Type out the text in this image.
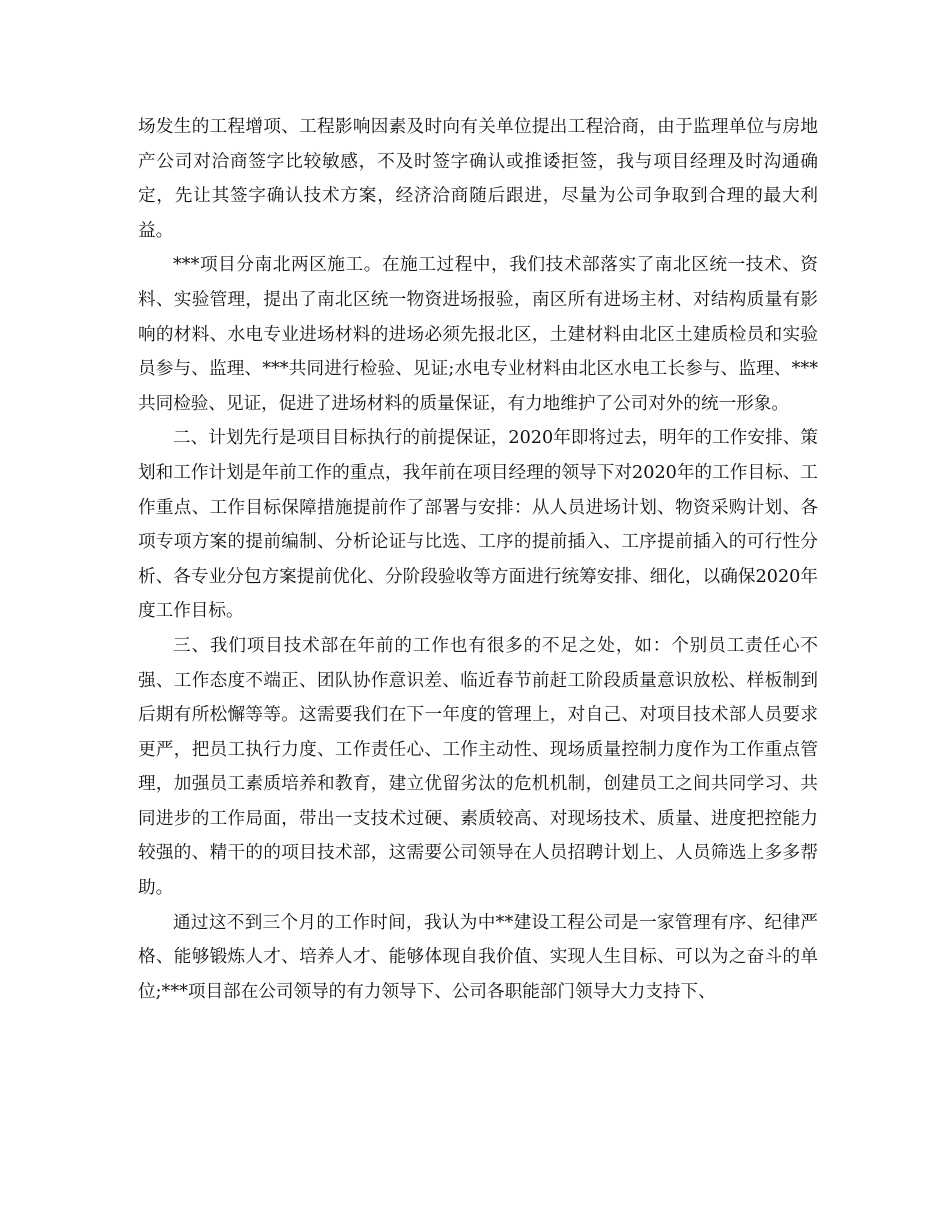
场发生的工程增项、工程影响因素及时向有关单位提出工程洽商，由于监理单位与房地产公司对洽商签字比较敏感，不及时签字确认或推诿拒签，我与项目经理及时沟通确定，先让其签字确认技术方案，经济洽商随后跟进，尽量为公司争取到合理的最大利益。

***项目分南北两区施工。在施工过程中，我们技术部落实了南北区统一技术、资料、实验管理，提出了南北区统一物资进场报验，南区所有进场主材、对结构质量有影响的材料、水电专业进场材料的进场必须先报北区，土建材料由北区土建质检员和实验员参与、监理、***共同进行检验、见证;水电专业材料由北区水电工长参与、监理、***共同检验、见证，促进了进场材料的质量保证，有力地维护了公司对外的统一形象。

二、计划先行是项目目标执行的前提保证，2020年即将过去，明年的工作安排、策划和工作计划是年前工作的重点，我年前在项目经理的领导下对2020年的工作目标、工作重点、工作目标保障措施提前作了部署与安排：从人员进场计划、物资采购计划、各项专项方案的提前编制、分析论证与比选、工序的提前插入、工序提前插入的可行性分析、各专业分包方案提前优化、分阶段验收等方面进行统筹安排、细化，以确保2020年度工作目标。

三、我们项目技术部在年前的工作也有很多的不足之处，如：个别员工责任心不强、工作态度不端正、团队协作意识差、临近春节前赶工阶段质量意识放松、样板制到后期有所松懈等等。这需要我们在下一年度的管理上，对自己、对项目技术部人员要求更严，把员工执行力度、工作责任心、工作主动性、现场质量控制力度作为工作重点管理，加强员工素质培养和教育，建立优留劣汰的危机机制，创建员工之间共同学习、共同进步的工作局面，带出一支技术过硬、素质较高、对现场技术、质量、进度把控能力较强的、精干的的项目技术部，这需要公司领导在人员招聘计划上、人员筛选上多多帮助。

通过这不到三个月的工作时间，我认为中**建设工程公司是一家管理有序、纪律严格、能够锻炼人才、培养人才、能够体现自我价值、实现人生目标、可以为之奋斗的单位;***项目部在公司领导的有力领导下、公司各职能部门领导大力支持下、
